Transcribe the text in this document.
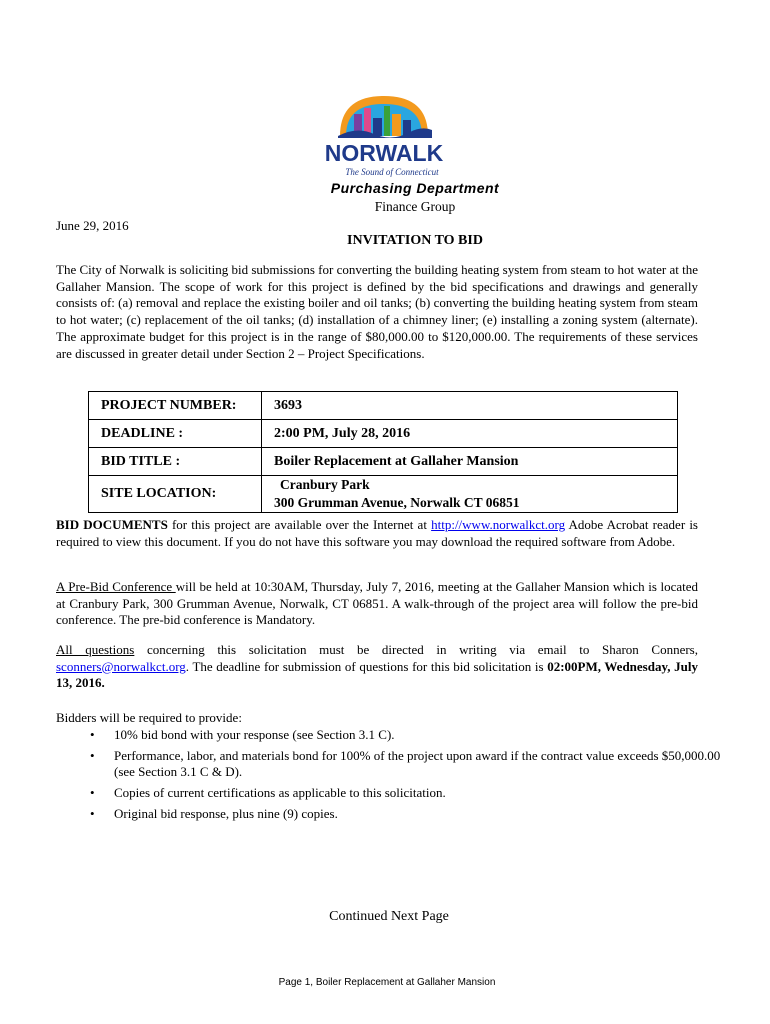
NORWALK
The Sound of Connecticut
Purchasing Department
Finance Group
June 29, 2016
INVITATION TO BID
The City of Norwalk is soliciting bid submissions for converting the building heating system from steam to hot water at the Gallaher Mansion. The scope of work for this project is defined by the bid specifications and drawings and generally consists of: (a) removal and replace the existing boiler and oil tanks; (b) converting the building heating system from steam to hot water; (c) replacement of the oil tanks; (d) installation of a chimney liner; (e) installing a zoning system (alternate). The approximate budget for this project is in the range of $80,000.00 to $120,000.00. The requirements of these services are discussed in greater detail under Section 2 – Project Specifications.
PROJECT NUMBER:	3693
DEADLINE :	2:00 PM, July 28, 2016
BID TITLE :	Boiler Replacement at Gallaher Mansion
SITE LOCATION:	Cranbury Park
300 Grumman Avenue, Norwalk CT 06851
BID DOCUMENTS for this project are available over the Internet at http://www.norwalkct.org Adobe Acrobat reader is required to view this document. If you do not have this software you may download the required software from Adobe.
A Pre-Bid Conference will be held at 10:30AM, Thursday, July 7, 2016, meeting at the Gallaher Mansion which is located at Cranbury Park, 300 Grumman Avenue, Norwalk, CT 06851. A walk-through of the project area will follow the pre-bid conference. The pre-bid conference is Mandatory.
All questions concerning this solicitation must be directed in writing via email to Sharon Conners, sconners@norwalkct.org. The deadline for submission of questions for this bid solicitation is 02:00PM, Wednesday, July 13, 2016.
Bidders will be required to provide:
• 10% bid bond with your response (see Section 3.1 C).
• Performance, labor, and materials bond for 100% of the project upon award if the contract value exceeds $50,000.00 (see Section 3.1 C & D).
• Copies of current certifications as applicable to this solicitation.
• Original bid response, plus nine (9) copies.
Continued Next Page
Page 1, Boiler Replacement at Gallaher Mansion
